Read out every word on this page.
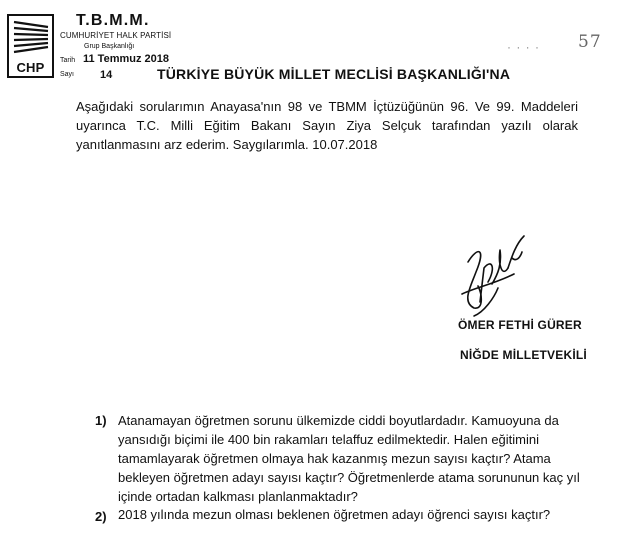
CHP
T.B.M.M.
CUMHURİYET HALK PARTİSİ
Grup Başkanlığı
Tarih 11 Temmuz 2018
Sayı 14
· · · · 57
TÜRKİYE BÜYÜK MİLLET MECLİSİ BAŞKANLIĞI'NA
Aşağıdaki sorularımın Anayasa'nın 98 ve TBMM İçtüzüğünün 96. Ve 99. Maddeleri uyarınca T.C. Milli Eğitim Bakanı Sayın Ziya Selçuk tarafından yazılı olarak yanıtlanmasını arz ederim. Saygılarımla. 10.07.2018
ÖMER FETHİ GÜRER
NİĞDE MİLLETVEKİLİ
1) Atanamayan öğretmen sorunu ülkemizde ciddi boyutlardadır. Kamuoyuna da yansıdığı biçimi ile 400 bin rakamları telaffuz edilmektedir. Halen eğitimini tamamlayarak öğretmen olmaya hak kazanmış mezun sayısı kaçtır? Atama bekleyen öğretmen adayı sayısı kaçtır? Öğretmenlerde atama sorununun kaç yıl içinde ortadan kalkması planlanmaktadır?
2) 2018 yılında mezun olması beklenen öğretmen adayı öğrenci sayısı kaçtır?
